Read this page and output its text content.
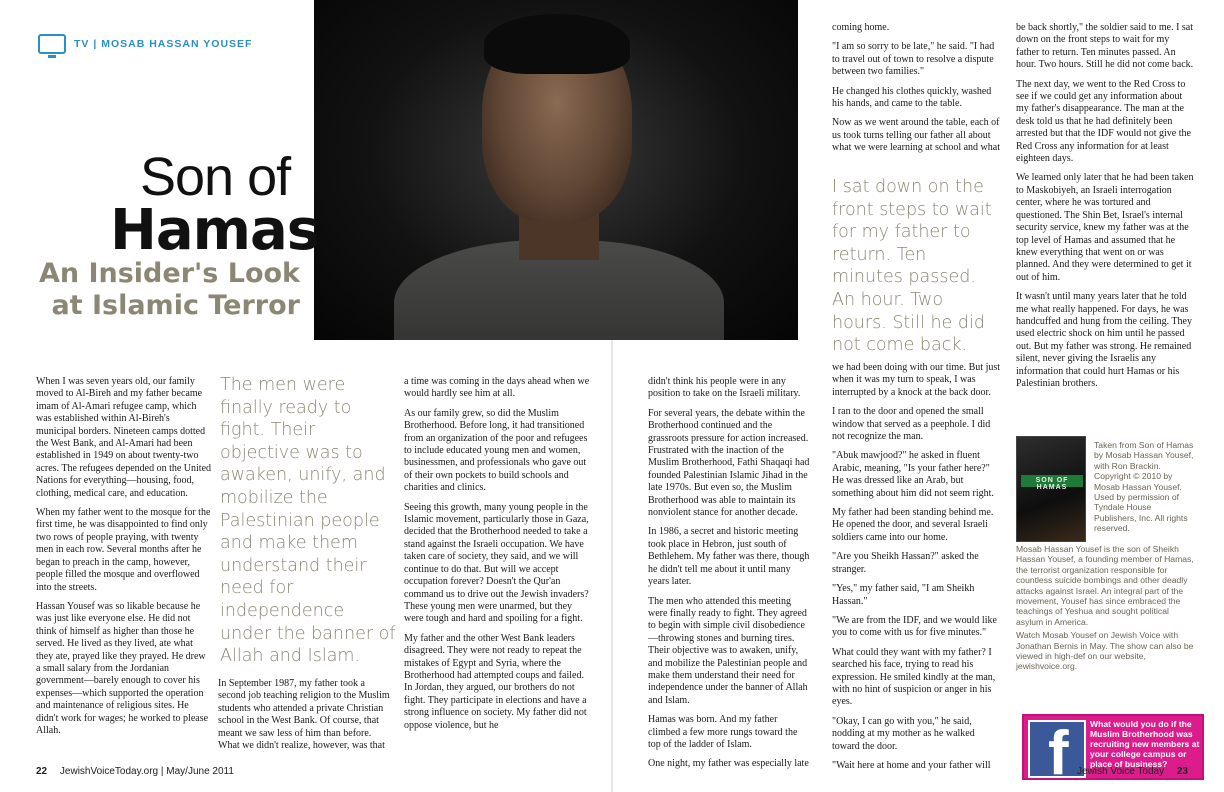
TV | MOSAB HASSAN YOUSEF
Son of
Hamas
An Insider's Look
at Islamic Terror

When I was seven years old, our family moved to Al-Bireh and my father became imam of Al-Amari refugee camp, which was established within Al-Bireh's municipal borders. Nineteen camps dotted the West Bank, and Al-Amari had been established in 1949 on about twenty-two acres. The refugees depended on the United Nations for everything—housing, food, clothing, medical care, and education.

When my father went to the mosque for the first time, he was disappointed to find only two rows of people praying, with twenty men in each row. Several months after he began to preach in the camp, however, people filled the mosque and overflowed into the streets.

Hassan Yousef was so likable because he was just like everyone else. He did not think of himself as higher than those he served. He lived as they lived, ate what they ate, prayed like they prayed. He drew a small salary from the Jordanian government—barely enough to cover his expenses—which supported the operation and maintenance of religious sites. He didn't work for wages; he worked to please Allah.

The men were finally ready to fight. Their objective was to awaken, unify, and mobilize the Palestinian people and make them understand their need for independence under the banner of Allah and Islam.

In September 1987, my father took a second job teaching religion to the Muslim students who attended a private Christian school in the West Bank. Of course, that meant we saw less of him than before. What we didn't realize, however, was that

a time was coming in the days ahead when we would hardly see him at all.

As our family grew, so did the Muslim Brotherhood. Before long, it had transitioned from an organization of the poor and refugees to include educated young men and women, businessmen, and professionals who gave out of their own pockets to build schools and charities and clinics.

Seeing this growth, many young people in the Islamic movement, particularly those in Gaza, decided that the Brotherhood needed to take a stand against the Israeli occupation. We have taken care of society, they said, and we will continue to do that. But will we accept occupation forever? Doesn't the Qur'an command us to drive out the Jewish invaders? These young men were unarmed, but they were tough and hard and spoiling for a fight.

My father and the other West Bank leaders disagreed. They were not ready to repeat the mistakes of Egypt and Syria, where the Brotherhood had attempted coups and failed. In Jordan, they argued, our brothers do not fight. They participate in elections and have a strong influence on society. My father did not oppose violence, but he

didn't think his people were in any position to take on the Israeli military.

For several years, the debate within the Brotherhood continued and the grassroots pressure for action increased. Frustrated with the inaction of the Muslim Brotherhood, Fathi Shaqaqi had founded Palestinian Islamic Jihad in the late 1970s. But even so, the Muslim Brotherhood was able to maintain its nonviolent stance for another decade.

In 1986, a secret and historic meeting took place in Hebron, just south of Bethlehem. My father was there, though he didn't tell me about it until many years later.

The men who attended this meeting were finally ready to fight. They agreed to begin with simple civil disobedience—throwing stones and burning tires. Their objective was to awaken, unify, and mobilize the Palestinian people and make them understand their need for independence under the banner of Allah and Islam.

Hamas was born. And my father climbed a few more rungs toward the top of the ladder of Islam.

One night, my father was especially late

coming home.

"I am so sorry to be late," he said. "I had to travel out of town to resolve a dispute between two families."

He changed his clothes quickly, washed his hands, and came to the table.

Now as we went around the table, each of us took turns telling our father all about what we were learning at school and what

I sat down on the front steps to wait for my father to return. Ten minutes passed. An hour. Two hours. Still he did not come back.

we had been doing with our time. But just when it was my turn to speak, I was interrupted by a knock at the back door.

I ran to the door and opened the small window that served as a peephole. I did not recognize the man.

"Abuk mawjood?" he asked in fluent Arabic, meaning, "Is your father here?" He was dressed like an Arab, but something about him did not seem right.

My father had been standing behind me. He opened the door, and several Israeli soldiers came into our home.

"Are you Sheikh Hassan?" asked the stranger.

"Yes," my father said, "I am Sheikh Hassan."

"We are from the IDF, and we would like you to come with us for five minutes."

What could they want with my father? I searched his face, trying to read his expression. He smiled kindly at the man, with no hint of suspicion or anger in his eyes.

"Okay, I can go with you," he said, nodding at my mother as he walked toward the door.

"Wait here at home and your father will

be back shortly," the soldier said to me. I sat down on the front steps to wait for my father to return. Ten minutes passed. An hour. Two hours. Still he did not come back.

The next day, we went to the Red Cross to see if we could get any information about my father's disappearance. The man at the desk told us that he had definitely been arrested but that the IDF would not give the Red Cross any information for at least eighteen days.

We learned only later that he had been taken to Maskobiyeh, an Israeli interrogation center, where he was tortured and questioned. The Shin Bet, Israel's internal security service, knew my father was at the top level of Hamas and assumed that he knew everything that went on or was planned. And they were determined to get it out of him.

It wasn't until many years later that he told me what really happened. For days, he was handcuffed and hung from the ceiling. They used electric shock on him until he passed out. But my father was strong. He remained silent, never giving the Israelis any information that could hurt Hamas or his Palestinian brothers.

SON OF HAMAS
Taken from Son of Hamas by Mosab Hassan Yousef, with Ron Brackin. Copyright © 2010 by Mosab Hassan Yousef. Used by permission of Tyndale House Publishers, Inc. All rights reserved.

Mosab Hassan Yousef is the son of Sheikh Hassan Yousef, a founding member of Hamas, the terrorist organization responsible for countless suicide bombings and other deadly attacks against Israel. An integral part of the movement, Yousef has since embraced the teachings of Yeshua and sought political asylum in America.

Watch Mosab Yousef on Jewish Voice with Jonathan Bernis in May. The show can also be viewed in high-def on our website, jewishvoice.org.

f What would you do if the Muslim Brotherhood was recruiting new members at your college campus or place of business?
22 JewishVoiceToday.org | May/June 2011	Jewish Voice Today 23
